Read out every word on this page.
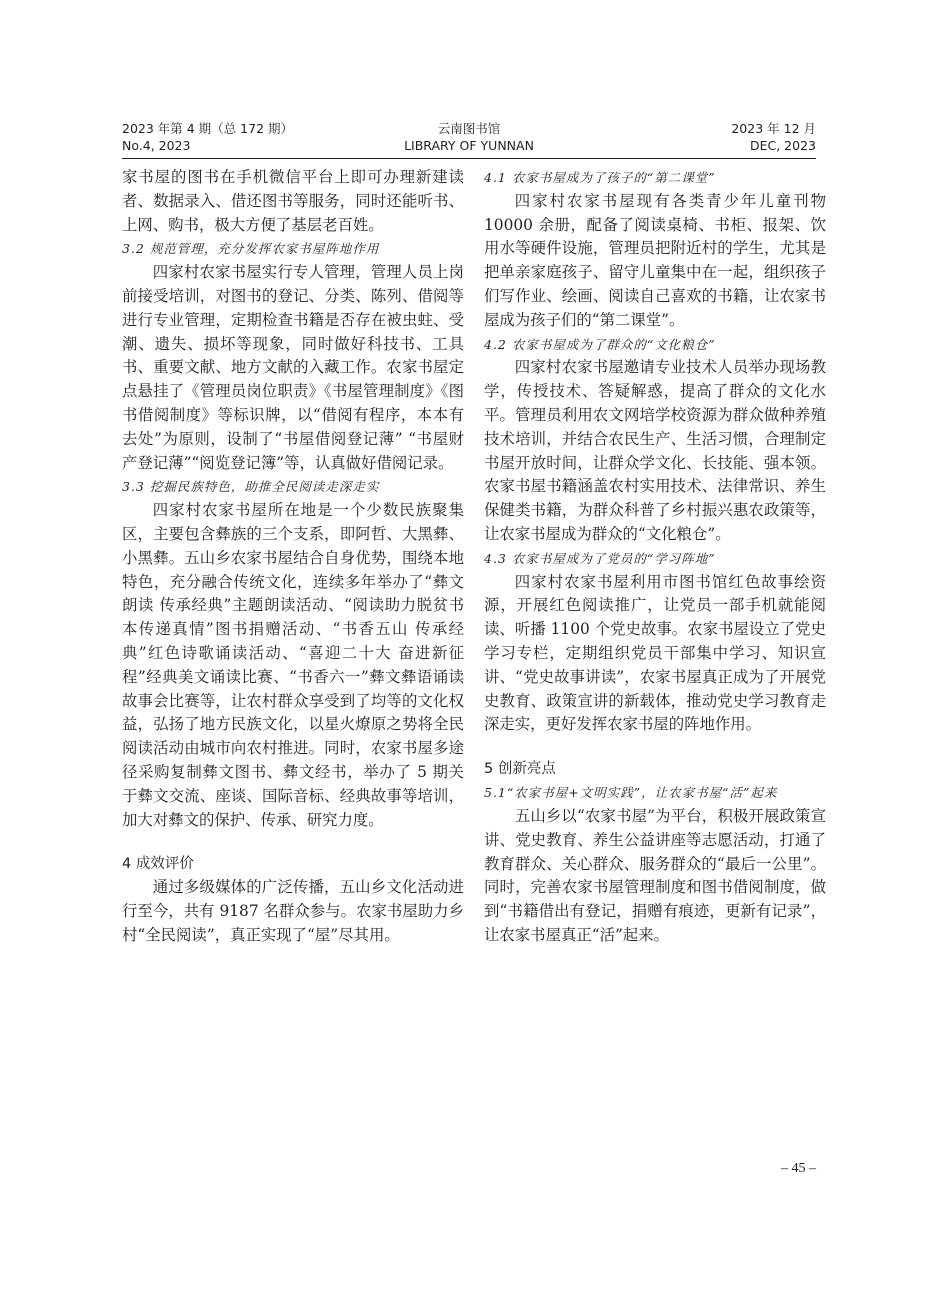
2023 年第 4 期（总 172 期）
No.4, 2023
云南图书馆
LIBRARY OF YUNNAN
2023 年 12 月
DEC, 2023

家书屋的图书在手机微信平台上即可办理新建读者、数据录入、借还图书等服务，同时还能听书、上网、购书，极大方便了基层老百姓。

3.2 规范管理，充分发挥农家书屋阵地作用

四家村农家书屋实行专人管理，管理人员上岗前接受培训，对图书的登记、分类、陈列、借阅等进行专业管理，定期检查书籍是否存在被虫蛀、受潮、遗失、损坏等现象，同时做好科技书、工具书、重要文献、地方文献的入藏工作。农家书屋定点悬挂了《管理员岗位职责》《书屋管理制度》《图书借阅制度》等标识牌，以“借阅有程序，本本有去处”为原则，设制了“书屋借阅登记薄” “书屋财产登记薄”“阅览登记簿”等，认真做好借阅记录。

3.3 挖掘民族特色，助推全民阅读走深走实

四家村农家书屋所在地是一个少数民族聚集区，主要包含彝族的三个支系，即阿哲、大黑彝、小黑彝。五山乡农家书屋结合自身优势，围绕本地特色，充分融合传统文化，连续多年举办了“彝文朗读 传承经典”主题朗读活动、“阅读助力脱贫书本传递真情”图书捐赠活动、“书香五山 传承经典”红色诗歌诵读活动、“喜迎二十大 奋进新征程”经典美文诵读比赛、“书香六一”彝文彝语诵读故事会比赛等，让农村群众享受到了均等的文化权益，弘扬了地方民族文化，以星火燎原之势将全民阅读活动由城市向农村推进。同时，农家书屋多途径采购复制彝文图书、彝文经书，举办了 5 期关于彝文交流、座谈、国际音标、经典故事等培训，加大对彝文的保护、传承、研究力度。

4 成效评价

通过多级媒体的广泛传播，五山乡文化活动进行至今，共有 9187 名群众参与。农家书屋助力乡村“全民阅读”，真正实现了“屋”尽其用。

4.1 农家书屋成为了孩子的“第二课堂”

四家村农家书屋现有各类青少年儿童刊物 10000 余册，配备了阅读桌椅、书柜、报架、饮用水等硬件设施，管理员把附近村的学生，尤其是把单亲家庭孩子、留守儿童集中在一起，组织孩子们写作业、绘画、阅读自己喜欢的书籍，让农家书屋成为孩子们的“第二课堂”。

4.2 农家书屋成为了群众的“文化粮仓”

四家村农家书屋邀请专业技术人员举办现场教学，传授技术、答疑解惑，提高了群众的文化水平。管理员利用农文网培学校资源为群众做种养殖技术培训，并结合农民生产、生活习惯，合理制定书屋开放时间，让群众学文化、长技能、强本领。农家书屋书籍涵盖农村实用技术、法律常识、养生保健类书籍，为群众科普了乡村振兴惠农政策等，让农家书屋成为群众的“文化粮仓”。

4.3 农家书屋成为了党员的“学习阵地”

四家村农家书屋利用市图书馆红色故事绘资源，开展红色阅读推广，让党员一部手机就能阅读、听播 1100 个党史故事。农家书屋设立了党史学习专栏，定期组织党员干部集中学习、知识宣讲、“党史故事讲读”，农家书屋真正成为了开展党史教育、政策宣讲的新载体，推动党史学习教育走深走实，更好发挥农家书屋的阵地作用。

5 创新亮点

5.1“农家书屋+文明实践”，让农家书屋“活”起来

五山乡以“农家书屋”为平台，积极开展政策宣讲、党史教育、养生公益讲座等志愿活动，打通了教育群众、关心群众、服务群众的“最后一公里”。同时，完善农家书屋管理制度和图书借阅制度，做到“书籍借出有登记，捐赠有痕迹，更新有记录”，让农家书屋真正“活”起来。

– 45 –
